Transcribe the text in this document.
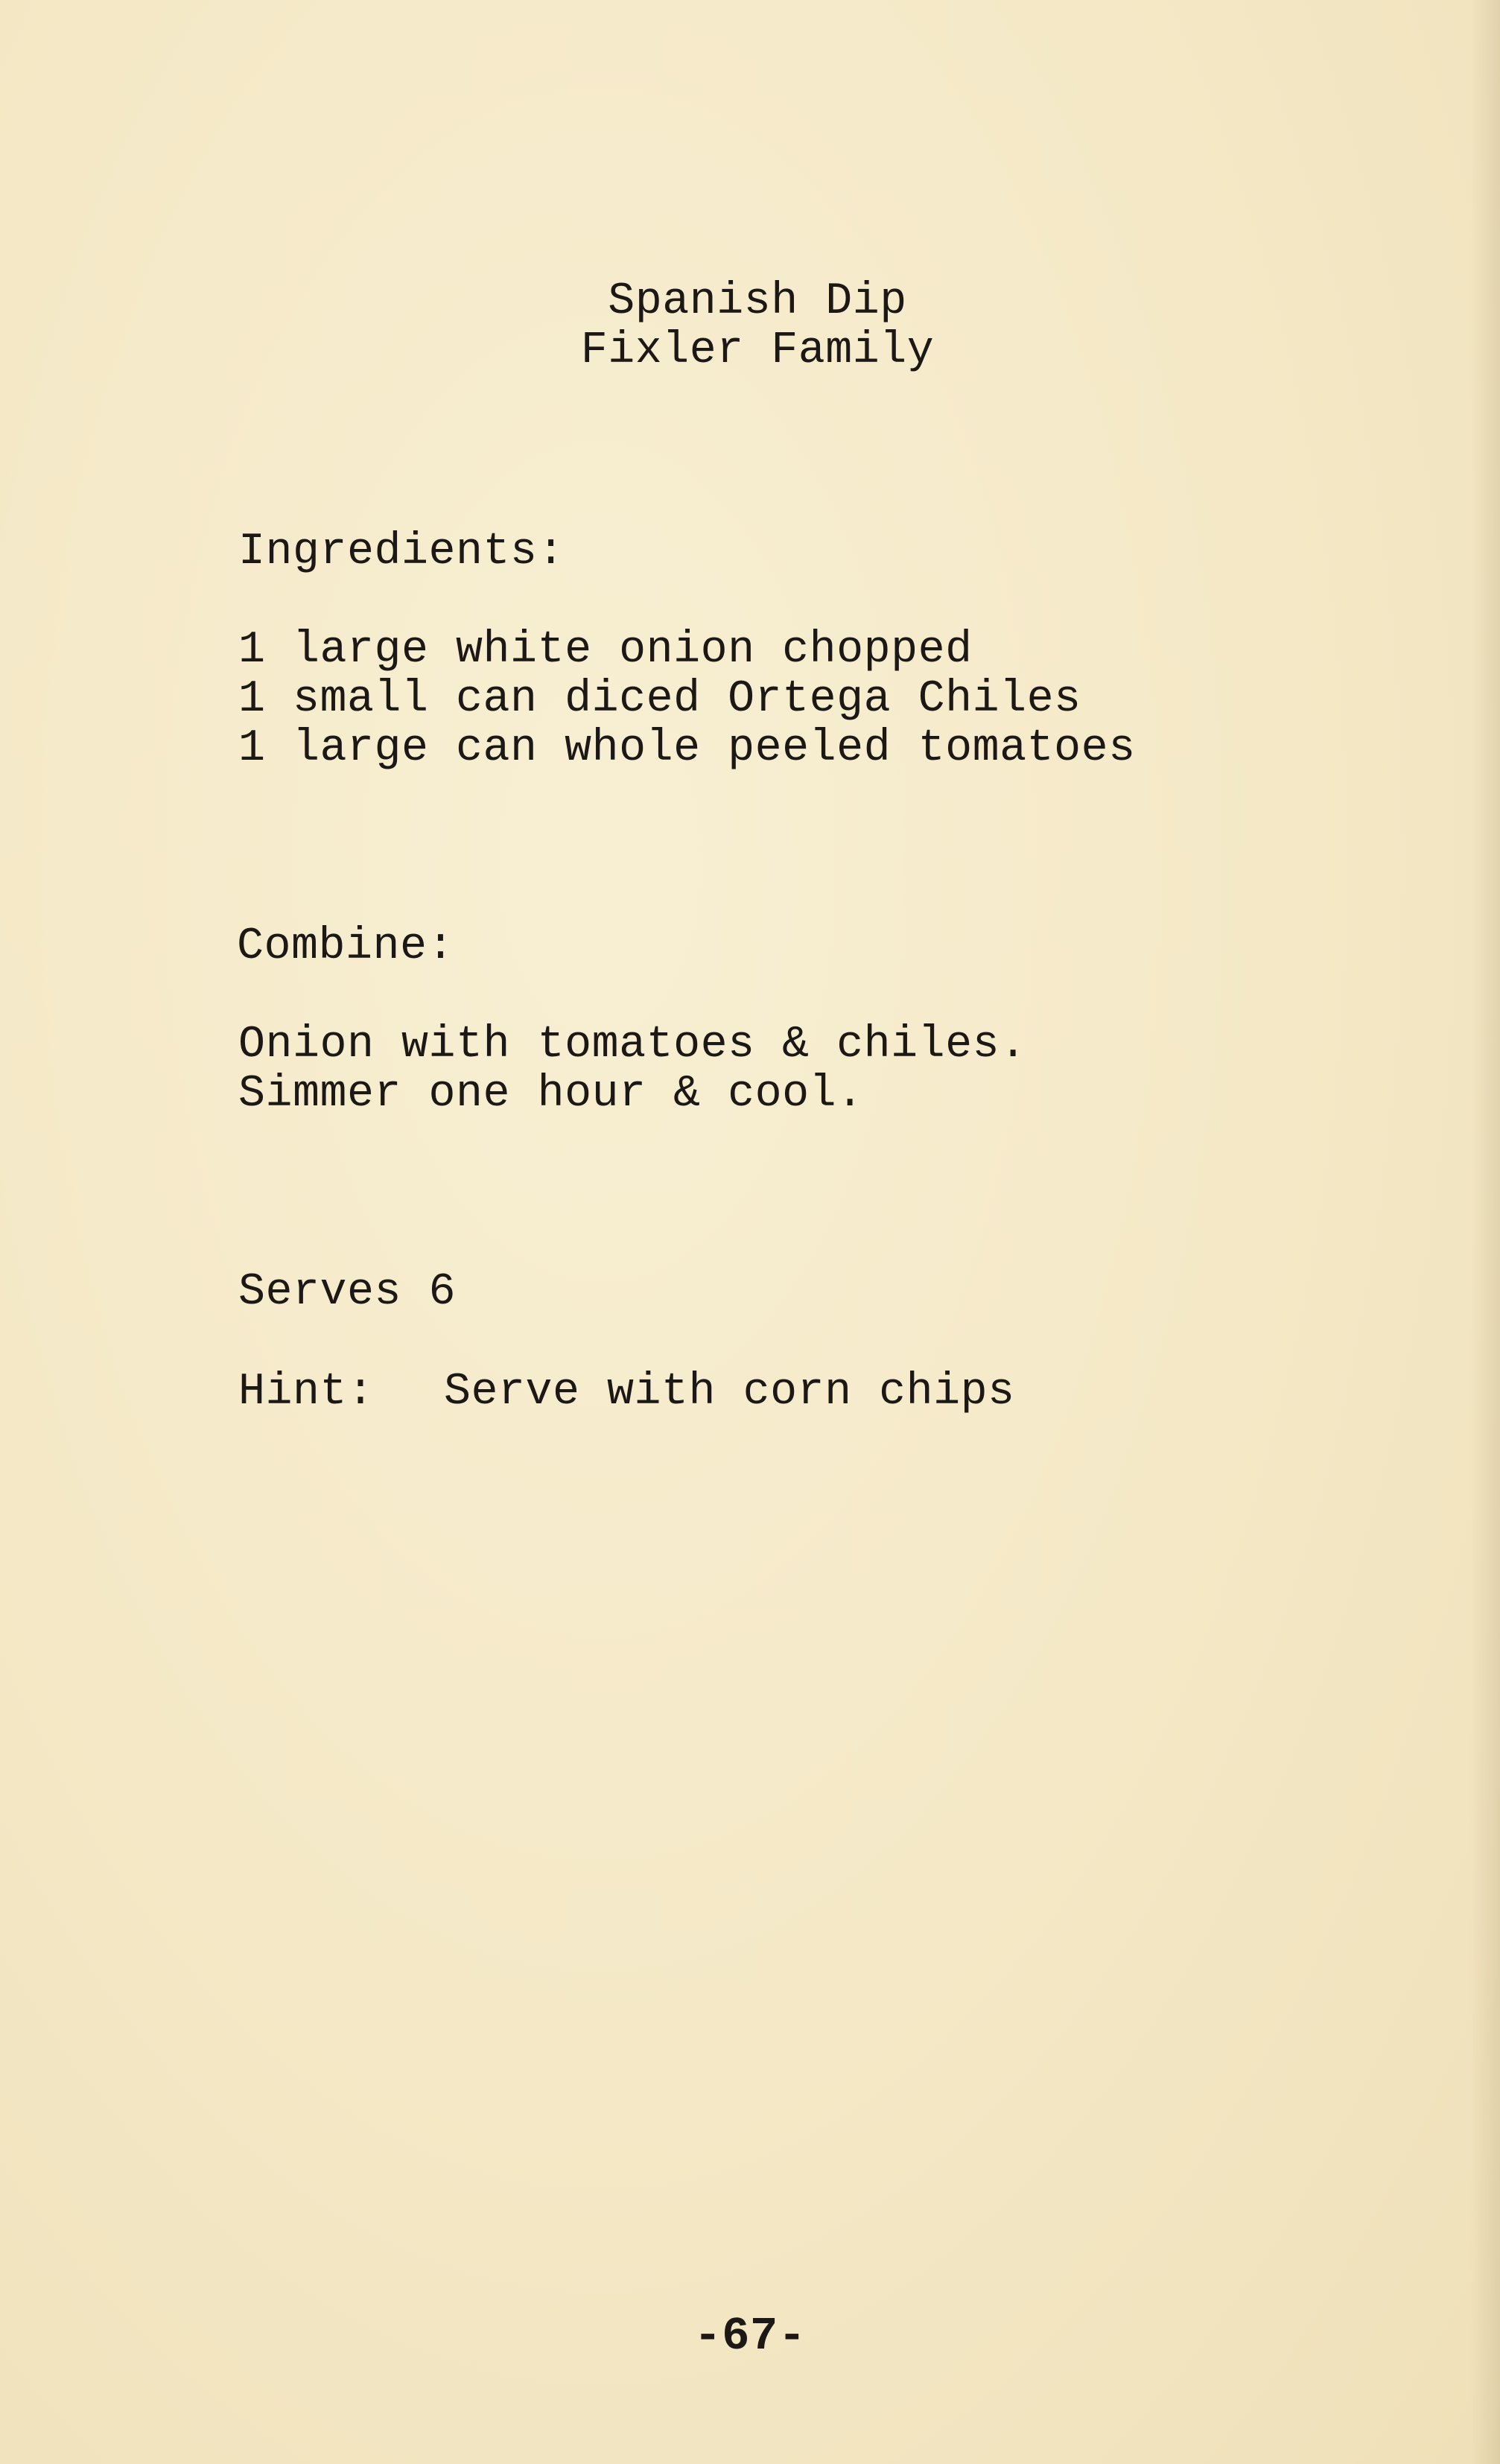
Spanish Dip
Fixler Family
Ingredients:
1 large white onion chopped
1 small can diced Ortega Chiles
1 large can whole peeled tomatoes
Combine:
Onion with tomatoes & chiles.
Simmer one hour & cool.
Serves 6
Hint: Serve with corn chips
-67-
